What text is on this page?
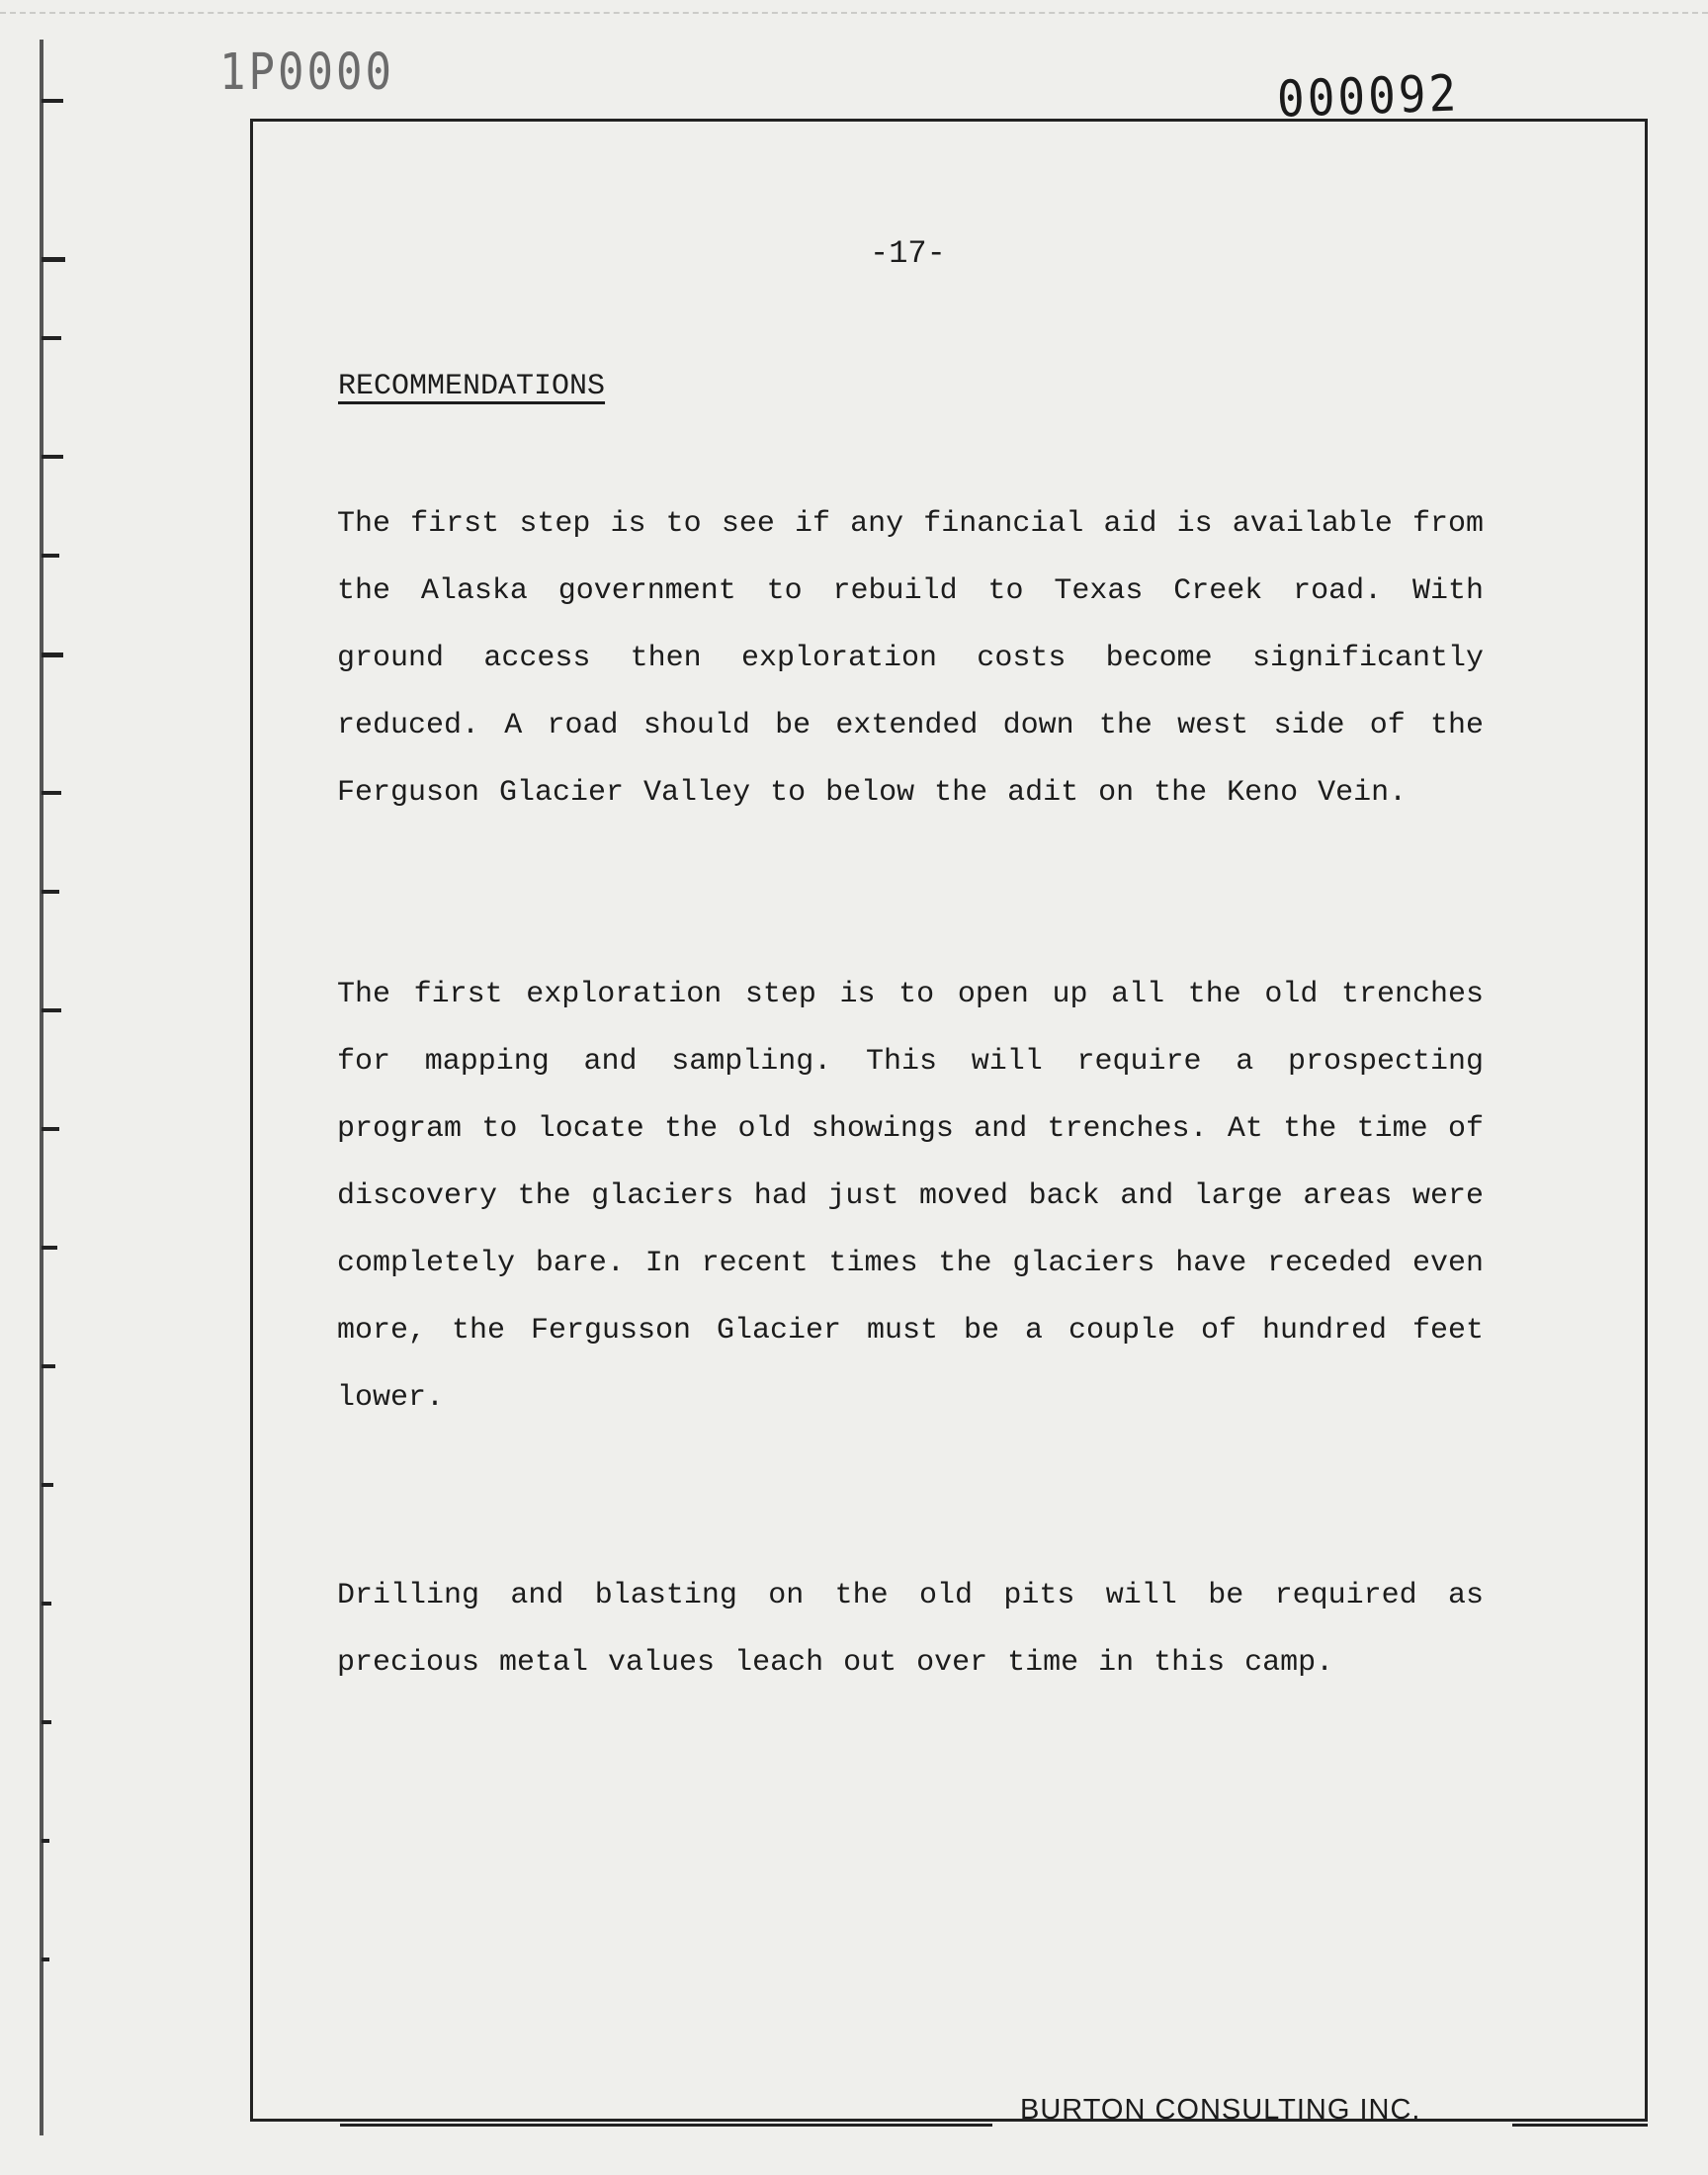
1P0000	000092

-17-
RECOMMENDATIONS
The first step is to see if any financial aid is available from the Alaska government to rebuild to Texas Creek road. With ground access then exploration costs become significantly reduced. A road should be extended down the west side of the Ferguson Glacier Valley to below the adit on the Keno Vein.
The first exploration step is to open up all the old trenches for mapping and sampling. This will require a prospecting program to locate the old showings and trenches. At the time of discovery the glaciers had just moved back and large areas were completely bare. In recent times the glaciers have receded even more, the Fergusson Glacier must be a couple of hundred feet lower.
Drilling and blasting on the old pits will be required as precious metal values leach out over time in this camp.
BURTON CONSULTING INC.
